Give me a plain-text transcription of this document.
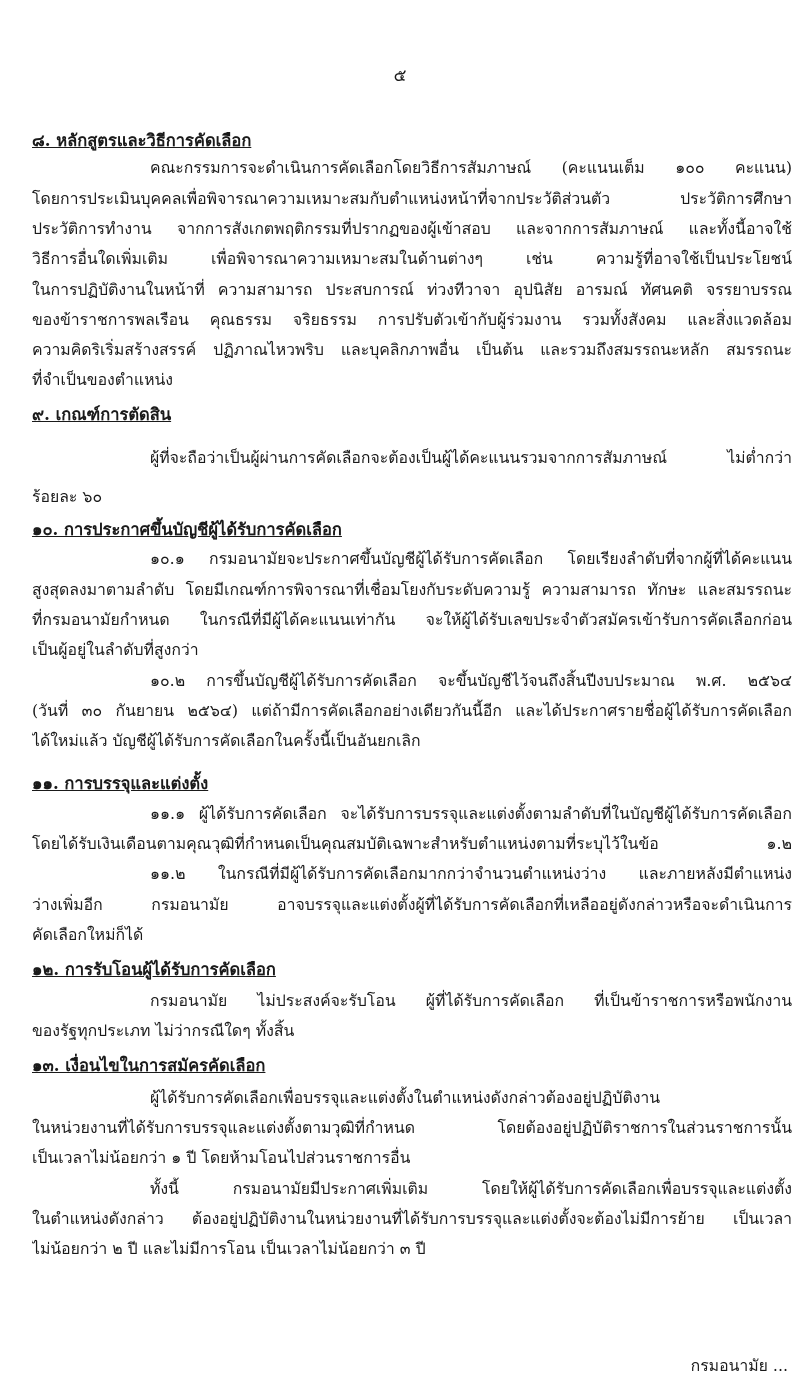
๕
๘. หลักสูตรและวิธีการคัดเลือก
คณะกรรมการจะดำเนินการคัดเลือกโดยวิธีการสัมภาษณ์ (คะแนนเต็ม ๑๐๐ คะแนน)
โดยการประเมินบุคคลเพื่อพิจารณาความเหมาะสมกับตำแหน่งหน้าที่จากประวัติส่วนตัว ประวัติการศึกษา
ประวัติการทำงาน จากการสังเกตพฤติกรรมที่ปรากฏของผู้เข้าสอบ และจากการสัมภาษณ์ และทั้งนี้อาจใช้
วิธีการอื่นใดเพิ่มเติม เพื่อพิจารณาความเหมาะสมในด้านต่างๆ เช่น ความรู้ที่อาจใช้เป็นประโยชน์
ในการปฏิบัติงานในหน้าที่ ความสามารถ ประสบการณ์ ท่วงทีวาจา อุปนิสัย อารมณ์ ทัศนคติ จรรยาบรรณ
ของข้าราชการพลเรือน คุณธรรม จริยธรรม การปรับตัวเข้ากับผู้ร่วมงาน รวมทั้งสังคม และสิ่งแวดล้อม
ความคิดริเริ่มสร้างสรรค์ ปฏิภาณไหวพริบ และบุคลิกภาพอื่น เป็นต้น และรวมถึงสมรรถนะหลัก สมรรถนะ
ที่จำเป็นของตำแหน่ง
๙. เกณฑ์การตัดสิน
ผู้ที่จะถือว่าเป็นผู้ผ่านการคัดเลือกจะต้องเป็นผู้ได้คะแนนรวมจากการสัมภาษณ์ ไม่ต่ำกว่า
ร้อยละ ๖๐
๑๐. การประกาศขึ้นบัญชีผู้ได้รับการคัดเลือก
๑๐.๑ กรมอนามัยจะประกาศขึ้นบัญชีผู้ได้รับการคัดเลือก โดยเรียงลำดับที่จากผู้ที่ได้คะแนน
สูงสุดลงมาตามลำดับ โดยมีเกณฑ์การพิจารณาที่เชื่อมโยงกับระดับความรู้ ความสามารถ ทักษะ และสมรรถนะ
ที่กรมอนามัยกำหนด ในกรณีที่มีผู้ได้คะแนนเท่ากัน จะให้ผู้ได้รับเลขประจำตัวสมัครเข้ารับการคัดเลือกก่อน
เป็นผู้อยู่ในลำดับที่สูงกว่า
๑๐.๒ การขึ้นบัญชีผู้ได้รับการคัดเลือก จะขึ้นบัญชีไว้จนถึงสิ้นปีงบประมาณ พ.ศ. ๒๕๖๔
(วันที่ ๓๐ กันยายน ๒๕๖๔) แต่ถ้ามีการคัดเลือกอย่างเดียวกันนี้อีก และได้ประกาศรายชื่อผู้ได้รับการคัดเลือก
ได้ใหม่แล้ว บัญชีผู้ได้รับการคัดเลือกในครั้งนี้เป็นอันยกเลิก
๑๑. การบรรจุและแต่งตั้ง
๑๑.๑ ผู้ได้รับการคัดเลือก จะได้รับการบรรจุและแต่งตั้งตามลำดับที่ในบัญชีผู้ได้รับการคัดเลือก
โดยได้รับเงินเดือนตามคุณวุฒิที่กำหนดเป็นคุณสมบัติเฉพาะสำหรับตำแหน่งตามที่ระบุไว้ในข้อ ๑.๒
๑๑.๒ ในกรณีที่มีผู้ได้รับการคัดเลือกมากกว่าจำนวนตำแหน่งว่าง และภายหลังมีตำแหน่ง
ว่างเพิ่มอีก กรมอนามัย อาจบรรจุและแต่งตั้งผู้ที่ได้รับการคัดเลือกที่เหลืออยู่ดังกล่าวหรือจะดำเนินการ
คัดเลือกใหม่ก็ได้
๑๒. การรับโอนผู้ได้รับการคัดเลือก
กรมอนามัย ไม่ประสงค์จะรับโอน ผู้ที่ได้รับการคัดเลือก ที่เป็นข้าราชการหรือพนักงาน
ของรัฐทุกประเภท ไม่ว่ากรณีใดๆ ทั้งสิ้น
๑๓. เงื่อนไขในการสมัครคัดเลือก
ผู้ได้รับการคัดเลือกเพื่อบรรจุและแต่งตั้งในตำแหน่งดังกล่าวต้องอยู่ปฏิบัติงาน
ในหน่วยงานที่ได้รับการบรรจุและแต่งตั้งตามวุฒิที่กำหนด โดยต้องอยู่ปฏิบัติราชการในส่วนราชการนั้น
เป็นเวลาไม่น้อยกว่า ๑ ปี โดยห้ามโอนไปส่วนราชการอื่น
ทั้งนี้ กรมอนามัยมีประกาศเพิ่มเติม โดยให้ผู้ได้รับการคัดเลือกเพื่อบรรจุและแต่งตั้ง
ในตำแหน่งดังกล่าว ต้องอยู่ปฏิบัติงานในหน่วยงานที่ได้รับการบรรจุและแต่งตั้งจะต้องไม่มีการย้าย เป็นเวลา
ไม่น้อยกว่า ๒ ปี และไม่มีการโอน เป็นเวลาไม่น้อยกว่า ๓ ปี
กรมอนามัย ...
